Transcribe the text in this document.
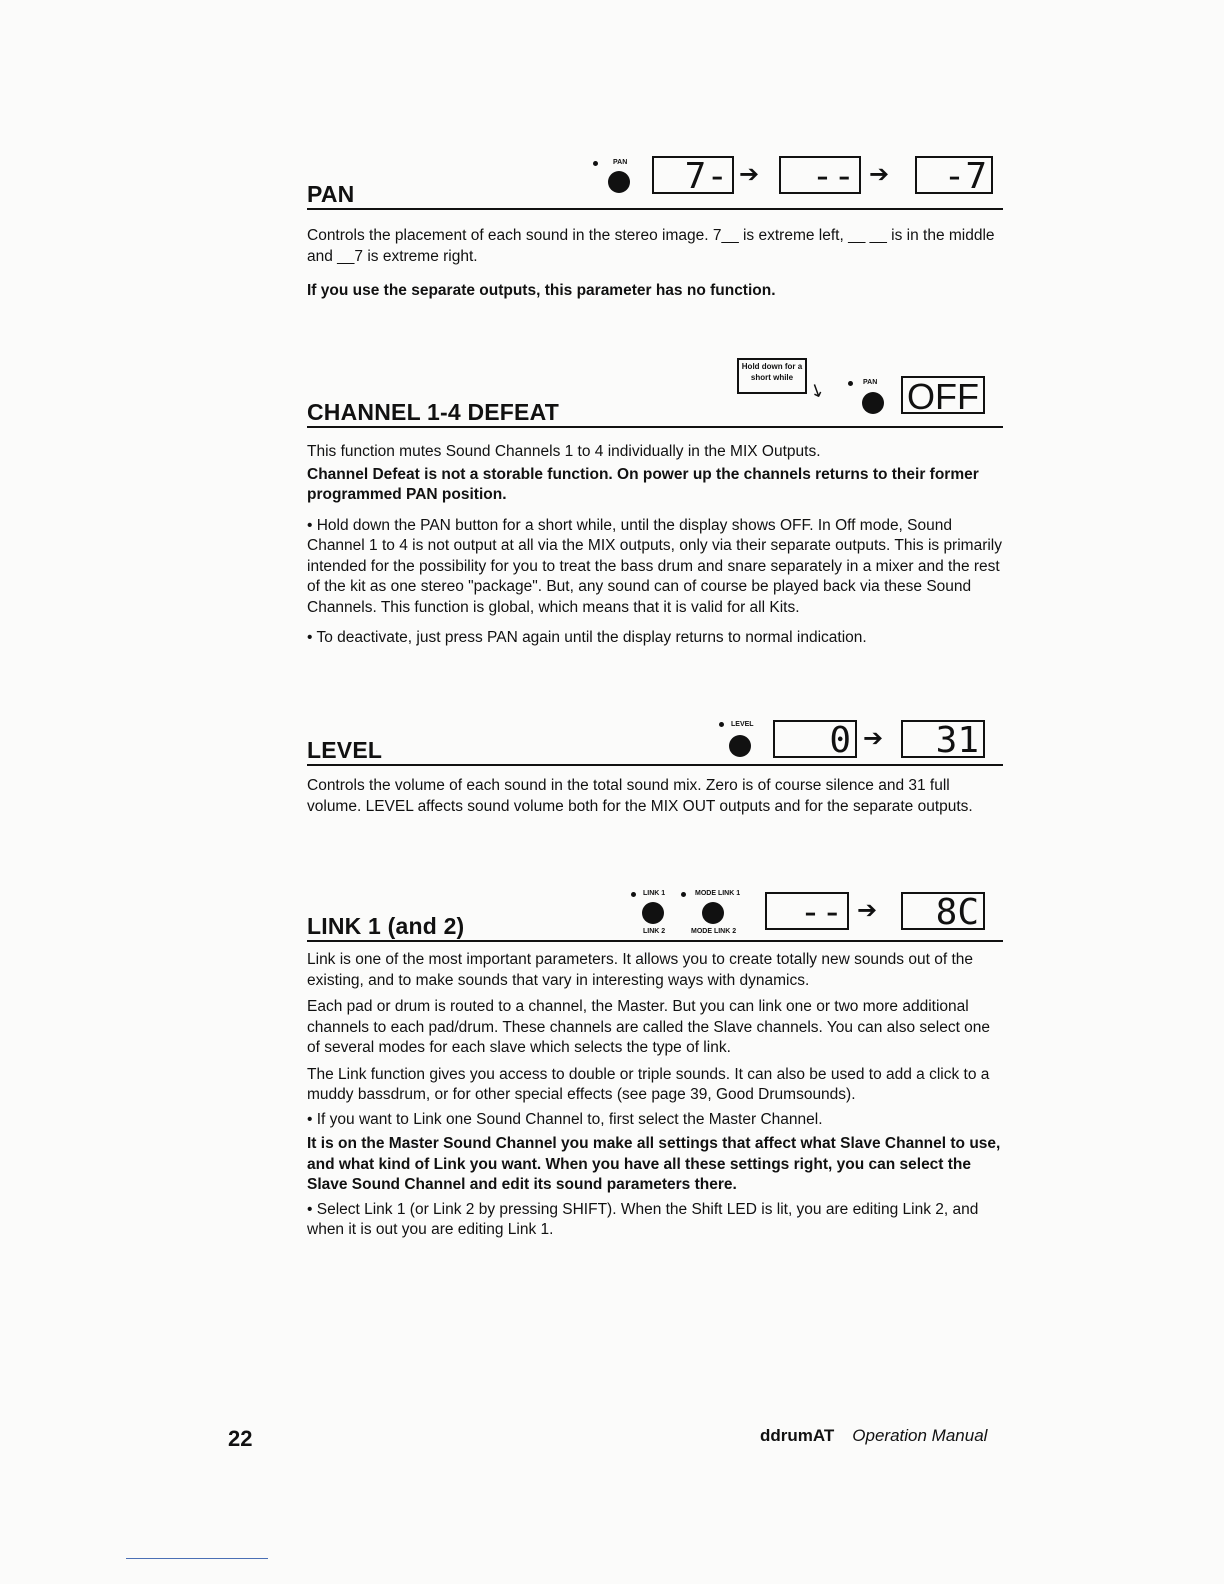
PAN
PAN	7- ➔	-- ➔	-7

Controls the placement of each sound in the stereo image. 7__ is extreme left, __ __ is in the middle and __7 is extreme right.

If you use the separate outputs, this parameter has no function.

CHANNEL 1-4 DEFEAT
Hold down for a short while
↘	PAN OFF

This function mutes Sound Channels 1 to 4 individually in the MIX Outputs.

Channel Defeat is not a storable function. On power up the channels returns to their former programmed PAN position.

• Hold down the PAN button for a short while, until the display shows OFF. In Off mode, Sound Channel 1 to 4 is not output at all via the MIX outputs, only via their separate outputs. This is primarily intended for the possibility for you to treat the bass drum and snare separately in a mixer and the rest of the kit as one stereo "package". But, any sound can of course be played back via these Sound Channels. This function is global, which means that it is valid for all Kits.

• To deactivate, just press PAN again until the display returns to normal indication.

LEVEL
LEVEL	0 ➔	31

Controls the volume of each sound in the total sound mix. Zero is of course silence and 31 full volume. LEVEL affects sound volume both for the MIX OUT outputs and for the separate outputs.

LINK 1 (and 2)
LINK 1
LINK 2
MODE LINK 1
MODE LINK 2	-- ➔	8C

Link is one of the most important parameters. It allows you to create totally new sounds out of the existing, and to make sounds that vary in interesting ways with dynamics.

Each pad or drum is routed to a channel, the Master. But you can link one or two more additional channels to each pad/drum. These channels are called the Slave channels. You can also select one of several modes for each slave which selects the type of link.

The Link function gives you access to double or triple sounds. It can also be used to add a click to a muddy bassdrum, or for other special effects (see page 39, Good Drumsounds).

• If you want to Link one Sound Channel to, first select the Master Channel.

It is on the Master Sound Channel you make all settings that affect what Slave Channel to use, and what kind of Link you want. When you have all these settings right, you can select the Slave Sound Channel and edit its sound parameters there.

• Select Link 1 (or Link 2 by pressing SHIFT). When the Shift LED is lit, you are editing Link 2, and when it is out you are editing Link 1.

22	ddrumAT Operation Manual
